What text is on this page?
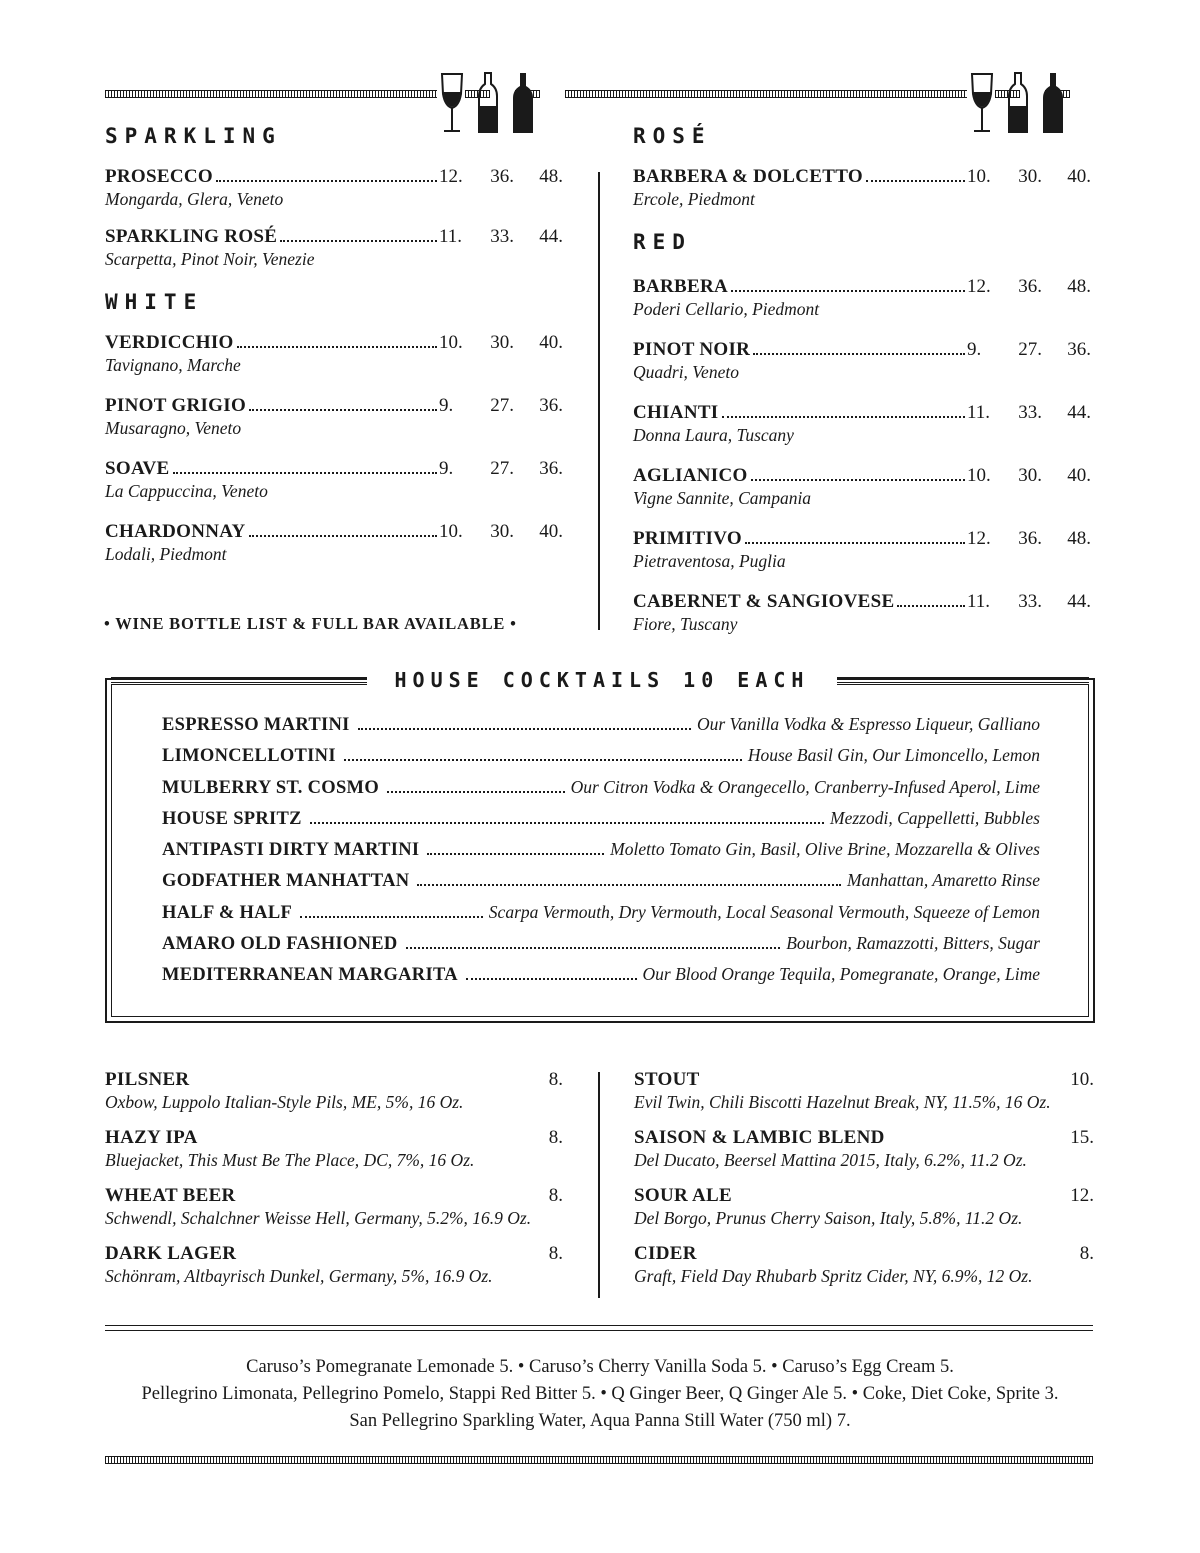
SPARKLING
PROSECCO	12.	36.	48.
Mongarda, Glera, Veneto
SPARKLING ROSÉ	11.	33.	44.
Scarpetta, Pinot Noir, Venezie
WHITE
VERDICCHIO	10.	30.	40.
Tavignano, Marche
PINOT GRIGIO	9.	27.	36.
Musaragno, Veneto
SOAVE	9.	27.	36.
La Cappuccina, Veneto
CHARDONNAY	10.	30.	40.
Lodali, Piedmont
• WINE BOTTLE LIST & FULL BAR AVAILABLE •
ROSÉ
BARBERA & DOLCETTO	10.	30.	40.
Ercole, Piedmont
RED
BARBERA	12.	36.	48.
Poderi Cellario, Piedmont
PINOT NOIR	9.	27.	36.
Quadri, Veneto
CHIANTI	11.	33.	44.
Donna Laura, Tuscany
AGLIANICO	10.	30.	40.
Vigne Sannite, Campania
PRIMITIVO	12.	36.	48.
Pietraventosa, Puglia
CABERNET & SANGIOVESE	11.	33.	44.
Fiore, Tuscany
HOUSE COCKTAILS 10 EACH
ESPRESSO MARTINI	Our Vanilla Vodka & Espresso Liqueur, Galliano
LIMONCELLOTINI	House Basil Gin, Our Limoncello, Lemon
MULBERRY ST. COSMO	Our Citron Vodka & Orangecello, Cranberry-Infused Aperol, Lime
HOUSE SPRITZ	Mezzodi, Cappelletti, Bubbles
ANTIPASTI DIRTY MARTINI	Moletto Tomato Gin, Basil, Olive Brine, Mozzarella & Olives
GODFATHER MANHATTAN	Manhattan, Amaretto Rinse
HALF & HALF	Scarpa Vermouth, Dry Vermouth, Local Seasonal Vermouth, Squeeze of Lemon
AMARO OLD FASHIONED	Bourbon, Ramazzotti, Bitters, Sugar
MEDITERRANEAN MARGARITA	Our Blood Orange Tequila, Pomegranate, Orange, Lime
PILSNER	8.
Oxbow, Luppolo Italian-Style Pils, ME, 5%, 16 Oz.
HAZY IPA	8.
Bluejacket, This Must Be The Place, DC, 7%, 16 Oz.
WHEAT BEER	8.
Schwendl, Schalchner Weisse Hell, Germany, 5.2%, 16.9 Oz.
DARK LAGER	8.
Schönram, Altbayrisch Dunkel, Germany, 5%, 16.9 Oz.
STOUT	10.
Evil Twin, Chili Biscotti Hazelnut Break, NY, 11.5%, 16 Oz.
SAISON & LAMBIC BLEND	15.
Del Ducato, Beersel Mattina 2015, Italy, 6.2%, 11.2 Oz.
SOUR ALE	12.
Del Borgo, Prunus Cherry Saison, Italy, 5.8%, 11.2 Oz.
CIDER	8.
Graft, Field Day Rhubarb Spritz Cider, NY, 6.9%, 12 Oz.
Caruso’s Pomegranate Lemonade 5. • Caruso’s Cherry Vanilla Soda 5. • Caruso’s Egg Cream 5.
Pellegrino Limonata, Pellegrino Pomelo, Stappi Red Bitter 5. • Q Ginger Beer, Q Ginger Ale 5. • Coke, Diet Coke, Sprite 3.
San Pellegrino Sparkling Water, Aqua Panna Still Water (750 ml) 7.
